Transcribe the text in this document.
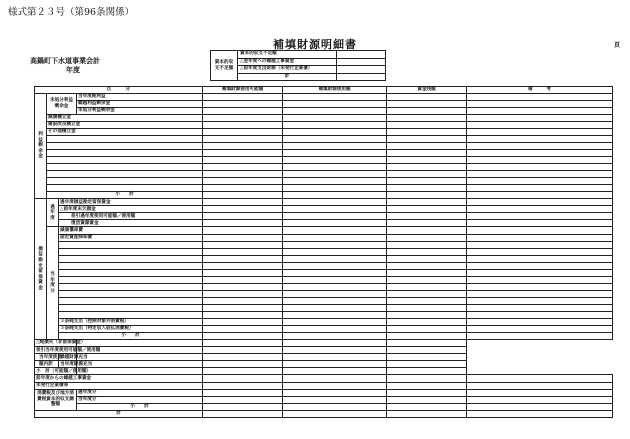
様式第２３号（第96条関係）
補填財源明細書	頁
高鍋町下水道事業会計
年度
資本的収支不足額	資本的収支不足額	
	△翌年度への繰越工事資金	
	△前年度支出財源（未発行企業債）	
	計	
区　　　分				補填財源使用可能額	補填財源使用額	資金残額	備　　　考
利益剰余金	未処分利益剰余金		当年度純利益				
			繰越利益剰余金				
			未処分利益剰余金				
	減債積立金						
	建設改良積立金						
	その他積立金						

	小　　計						
損益勘定留保資金	過年度	過年度損益勘定留保資金					
		△前年度末欠損金					
		差引過年度使用可能額／使用額					
		復活資源資金					
	当年度分	減価償却費					
		固定資産除却費					

		３条純支出（控除対象外消費税）					
		３条純支出（特定収入仮払消費税）					
		小　　計					
△純損失（非留保資金）							
差引当年度使用可能額／使用額							
当年度使用		繰越財源充当					
額内訳		当年度財源充当					
小　計（可能額／使用額）							
前年度からの繰越工事資金							
未発行企業債等							
消費税及び地方消費税資本的収支調整額			過年度分				
			当年度分				
			小　　計				
計							
